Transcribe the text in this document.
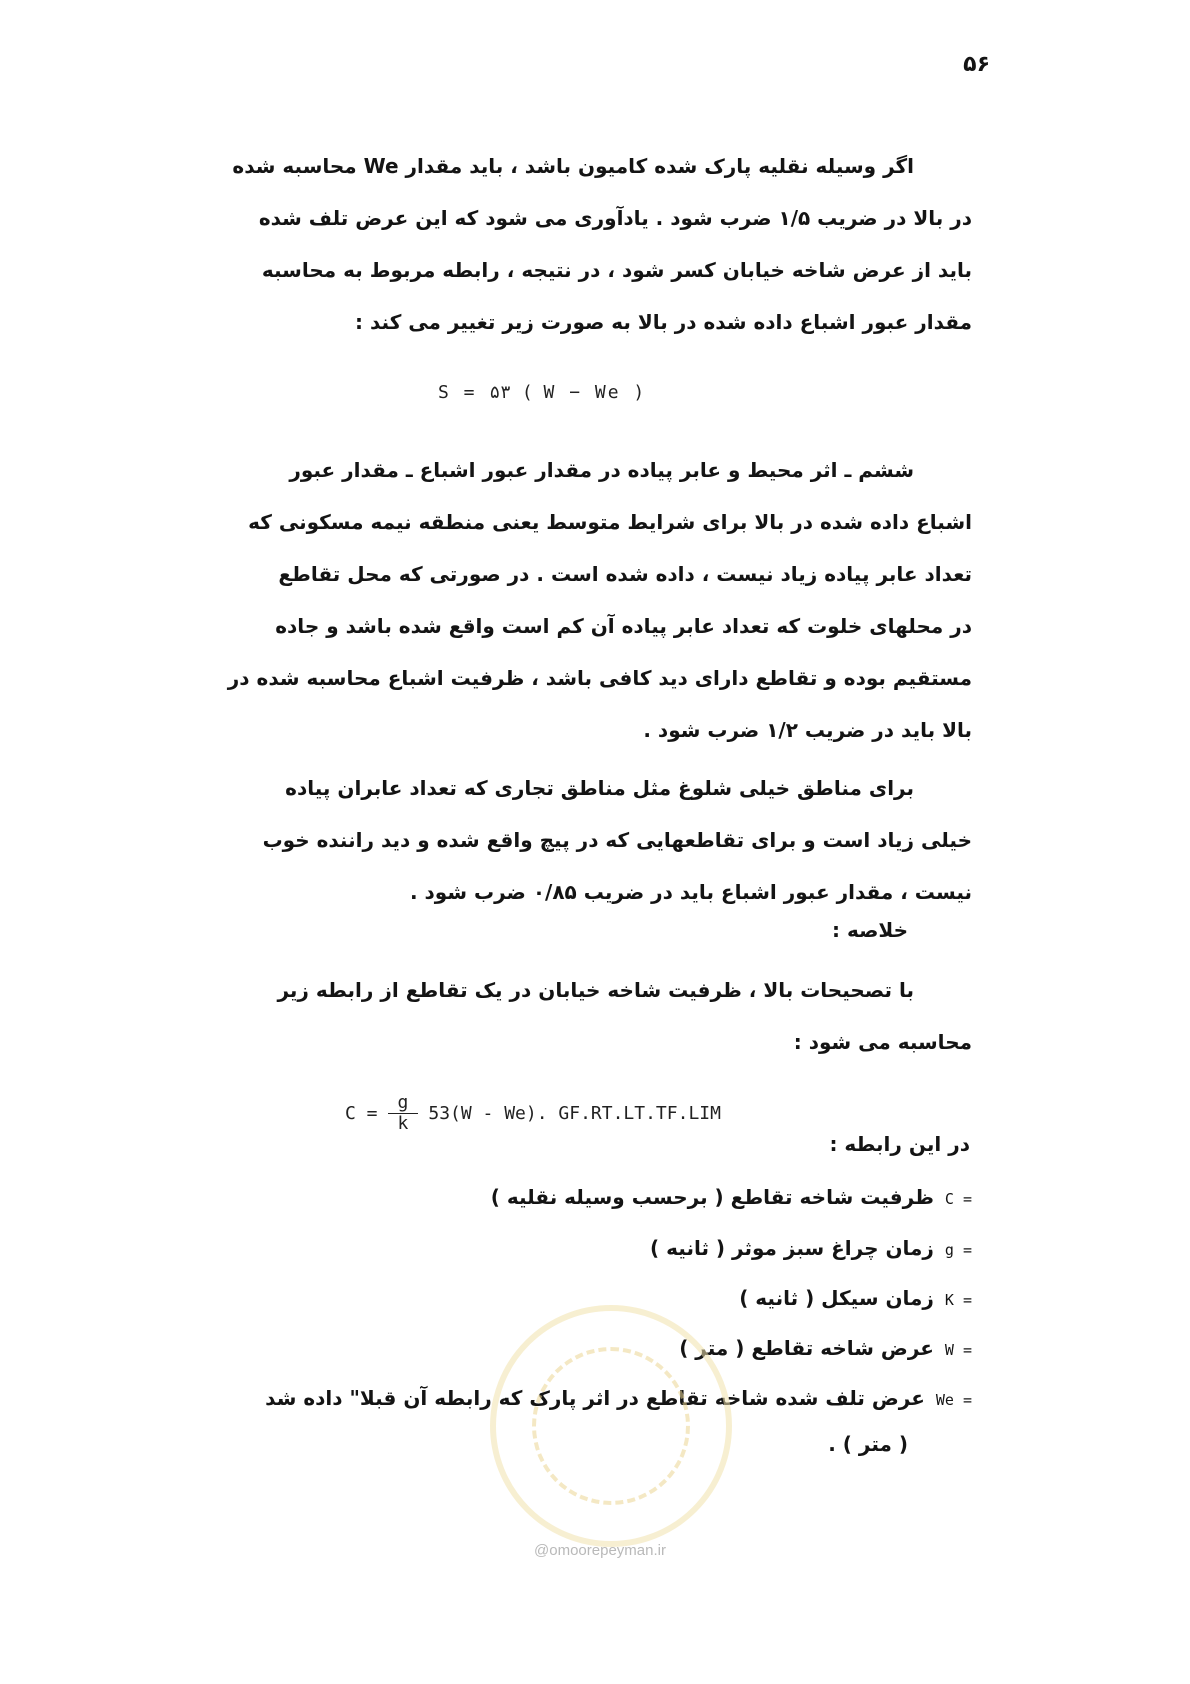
۵۶
اگر وسیله نقلیه پارک شده کامیون باشد ، باید مقدار We محاسبه شده
در بالا در ضریب ۱/۵ ضرب شود . یادآوری می شود که این عرض تلف شده
باید از عرض شاخه خیابان کسر شود ، در نتیجه ، رابطه مربوط به محاسبه
مقدار عبور اشباع داده شده در بالا به صورت زیر تغییر می کند :
S = ۵۳ ( W − We )
ششم ـ اثر محیط و عابر پیاده در مقدار عبور اشباع ـ مقدار عبور
اشباع داده شده در بالا برای شرایط متوسط یعنی منطقه نیمه مسکونی که
تعداد عابر پیاده زیاد نیست ، داده شده است . در صورتی که محل تقاطع
در محلهای خلوت که تعداد عابر پیاده آن کم است واقع شده باشد و جاده
مستقیم بوده و تقاطع دارای دید کافی باشد ، ظرفیت اشباع محاسبه شده در
بالا باید در ضریب ۱/۲ ضرب شود .
برای مناطق خیلی شلوغ مثل مناطق تجاری که تعداد عابران پیاده
خیلی زیاد است و برای تقاطعهایی که در پیچ واقع شده و دید راننده خوب
نیست ، مقدار عبور اشباع باید در ضریب ۰/۸۵ ضرب شود .
خلاصه :
با تصحیحات بالا ، ظرفیت شاخه خیابان در یک تقاطع از رابطه زیر
محاسبه می شود :
$C = \frac{g}{k} 53(W - We)$. GF.RT.LT.TF.LIM
در این رابطه :
C = ظرفیت شاخه تقاطع ( برحسب وسیله نقلیه )
g = زمان چراغ سبز موثر ( ثانیه )
K = زمان سیکل ( ثانیه )
W = عرض شاخه تقاطع ( متر )
We = عرض تلف شده شاخه تقاطع در اثر پارک که رابطه آن قبلا" داده شد
( متر ) .
@omoorepeyman.ir
